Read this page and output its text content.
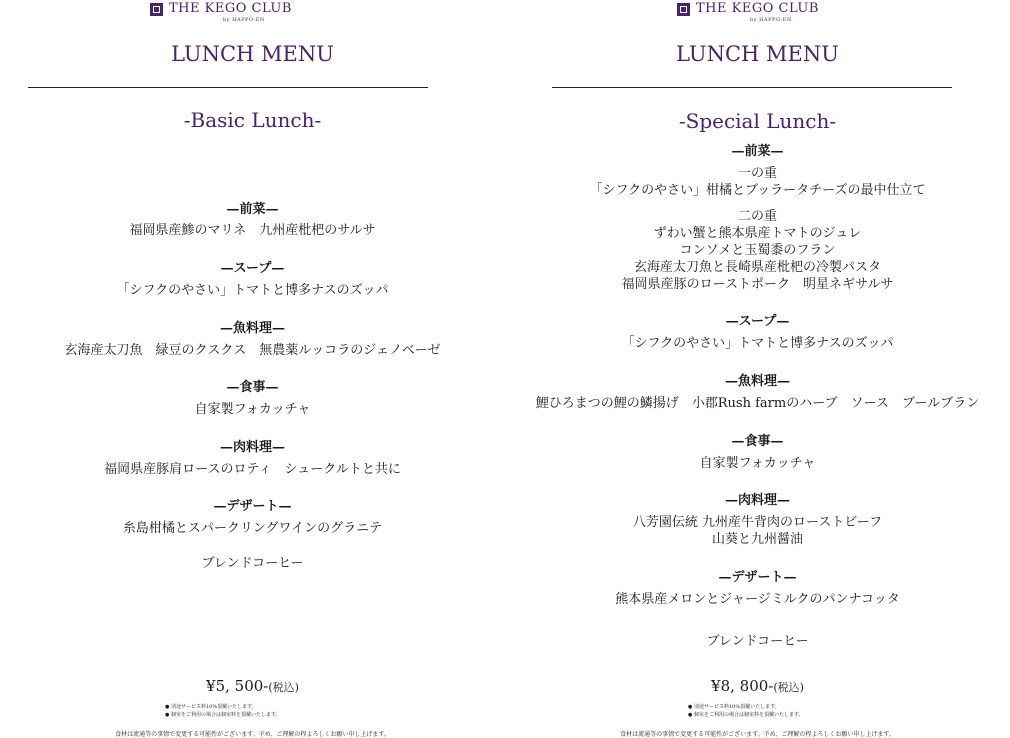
THE KEGO CLUB
by HAPPO-EN
LUNCH MENU
-Basic Lunch-
—前菜—
福岡県産鯵のマリネ　九州産枇杷のサルサ
—スープ—
「シフクのやさい」トマトと博多ナスのズッパ
—魚料理—
玄海産太刀魚　緑豆のクスクス　無農薬ルッコラのジェノベーゼ
—食事—
自家製フォカッチャ
—肉料理—
福岡県産豚肩ロースのロティ　シュークルトと共に
—デザート—
糸島柑橘とスパークリングワインのグラニテ
ブレンドコーヒー
¥5, 500-(税込)
● 別途サービス料10%頂戴いたします。
● 個室をご利用の場合は個室料を頂戴いたします。
食材は流通等の事情で変更する可能性がございます。予め、ご理解の程よろしくお願い申し上げます。
THE KEGO CLUB
by HAPPO-EN
LUNCH MENU
-Special Lunch-
—前菜—
一の重
「シフクのやさい」柑橘とブッラータチーズの最中仕立て
二の重
ずわい蟹と熊本県産トマトのジュレ
コンソメと玉蜀黍のフラン
玄海産太刀魚と長崎県産枇杷の冷製パスタ
福岡県産豚のローストポーク　明星ネギサルサ
—スープ—
「シフクのやさい」トマトと博多ナスのズッパ
—魚料理—
鯉ひろまつの鯉の鱗揚げ　小郡Rush farmのハーブ　ソース　ブールブラン
—食事—
自家製フォカッチャ
—肉料理—
八芳園伝統 九州産牛背肉のローストビーフ
山葵と九州醤油
—デザート—
熊本県産メロンとジャージミルクのパンナコッタ
ブレンドコーヒー
¥8, 800-(税込)
● 別途サービス料10%頂戴いたします。
● 個室をご利用の場合は個室料を頂戴いたします。
食材は流通等の事情で変更する可能性がございます。予め、ご理解の程よろしくお願い申し上げます。
